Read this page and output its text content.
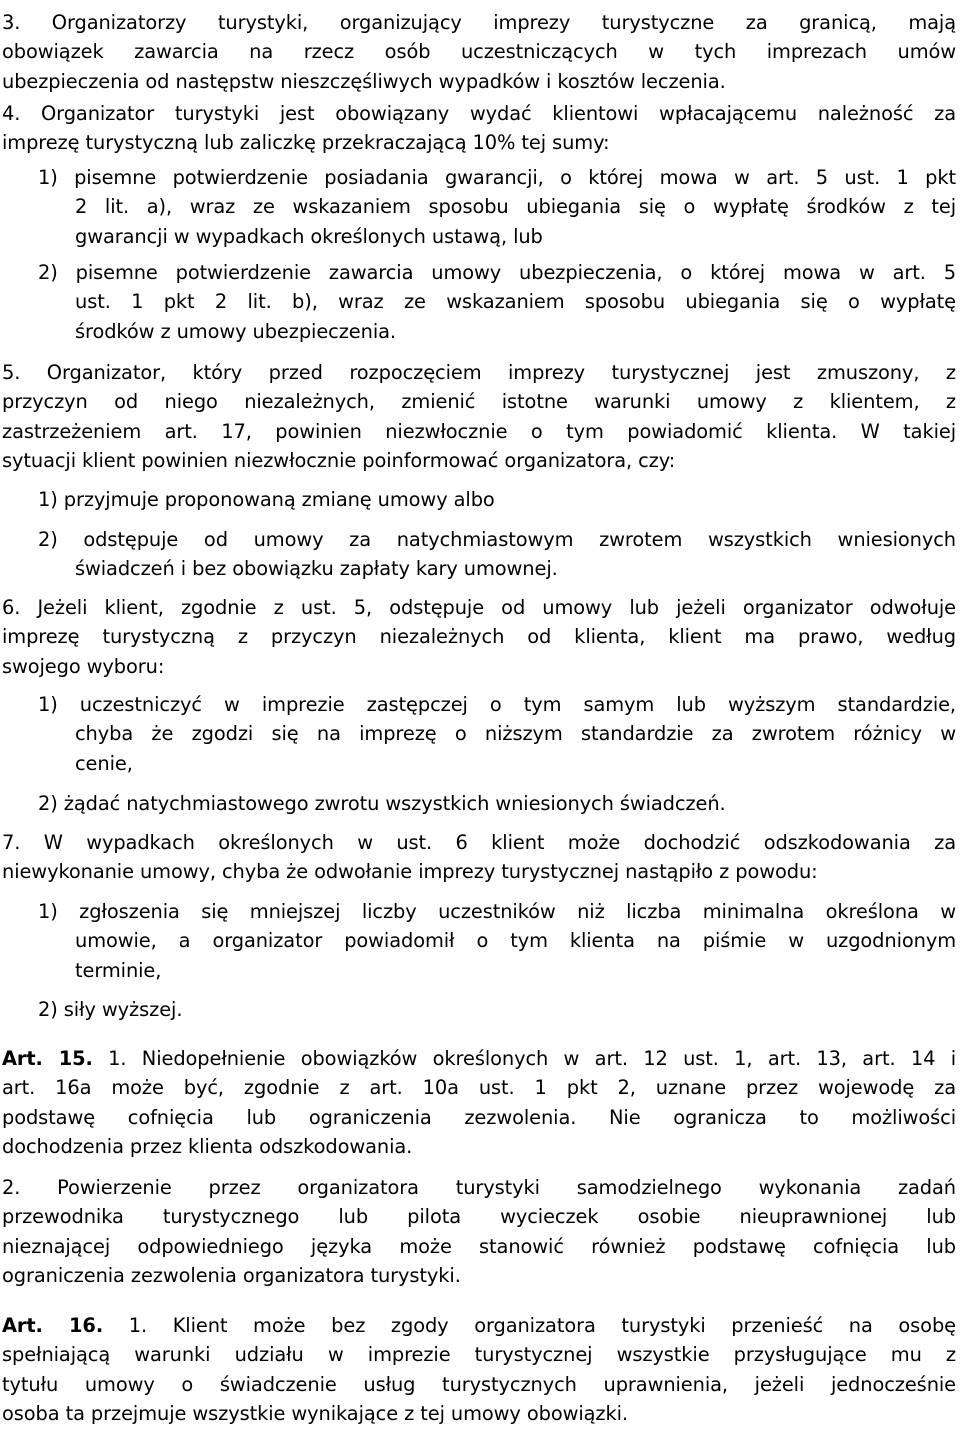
3. Organizatorzy turystyki, organizujący imprezy turystyczne za granicą, mają
obowiązek zawarcia na rzecz osób uczestniczących w tych imprezach umów
ubezpieczenia od następstw nieszczęśliwych wypadków i kosztów leczenia.
4. Organizator turystyki jest obowiązany wydać klientowi wpłacającemu należność za
imprezę turystyczną lub zaliczkę przekraczającą 10% tej sumy:
1) pisemne potwierdzenie posiadania gwarancji, o której mowa w art. 5 ust. 1 pkt
2 lit. a), wraz ze wskazaniem sposobu ubiegania się o wypłatę środków z tej
gwarancji w wypadkach określonych ustawą, lub
2) pisemne potwierdzenie zawarcia umowy ubezpieczenia, o której mowa w art. 5
ust. 1 pkt 2 lit. b), wraz ze wskazaniem sposobu ubiegania się o wypłatę
środków z umowy ubezpieczenia.
5. Organizator, który przed rozpoczęciem imprezy turystycznej jest zmuszony, z
przyczyn od niego niezależnych, zmienić istotne warunki umowy z klientem, z
zastrzeżeniem art. 17, powinien niezwłocznie o tym powiadomić klienta. W takiej
sytuacji klient powinien niezwłocznie poinformować organizatora, czy:
1) przyjmuje proponowaną zmianę umowy albo
2) odstępuje od umowy za natychmiastowym zwrotem wszystkich wniesionych
świadczeń i bez obowiązku zapłaty kary umownej.
6. Jeżeli klient, zgodnie z ust. 5, odstępuje od umowy lub jeżeli organizator odwołuje
imprezę turystyczną z przyczyn niezależnych od klienta, klient ma prawo, według
swojego wyboru:
1) uczestniczyć w imprezie zastępczej o tym samym lub wyższym standardzie,
chyba że zgodzi się na imprezę o niższym standardzie za zwrotem różnicy w
cenie,
2) żądać natychmiastowego zwrotu wszystkich wniesionych świadczeń.
7. W wypadkach określonych w ust. 6 klient może dochodzić odszkodowania za
niewykonanie umowy, chyba że odwołanie imprezy turystycznej nastąpiło z powodu:
1) zgłoszenia się mniejszej liczby uczestników niż liczba minimalna określona w
umowie, a organizator powiadomił o tym klienta na piśmie w uzgodnionym
terminie,
2) siły wyższej.
Art. 15. 1. Niedopełnienie obowiązków określonych w art. 12 ust. 1, art. 13, art. 14 i
art. 16a może być, zgodnie z art. 10a ust. 1 pkt 2, uznane przez wojewodę za
podstawę cofnięcia lub ograniczenia zezwolenia. Nie ogranicza to możliwości
dochodzenia przez klienta odszkodowania.
2. Powierzenie przez organizatora turystyki samodzielnego wykonania zadań
przewodnika turystycznego lub pilota wycieczek osobie nieuprawnionej lub
nieznającej odpowiedniego języka może stanowić również podstawę cofnięcia lub
ograniczenia zezwolenia organizatora turystyki.
Art. 16. 1. Klient może bez zgody organizatora turystyki przenieść na osobę
spełniającą warunki udziału w imprezie turystycznej wszystkie przysługujące mu z
tytułu umowy o świadczenie usług turystycznych uprawnienia, jeżeli jednocześnie
osoba ta przejmuje wszystkie wynikające z tej umowy obowiązki.
